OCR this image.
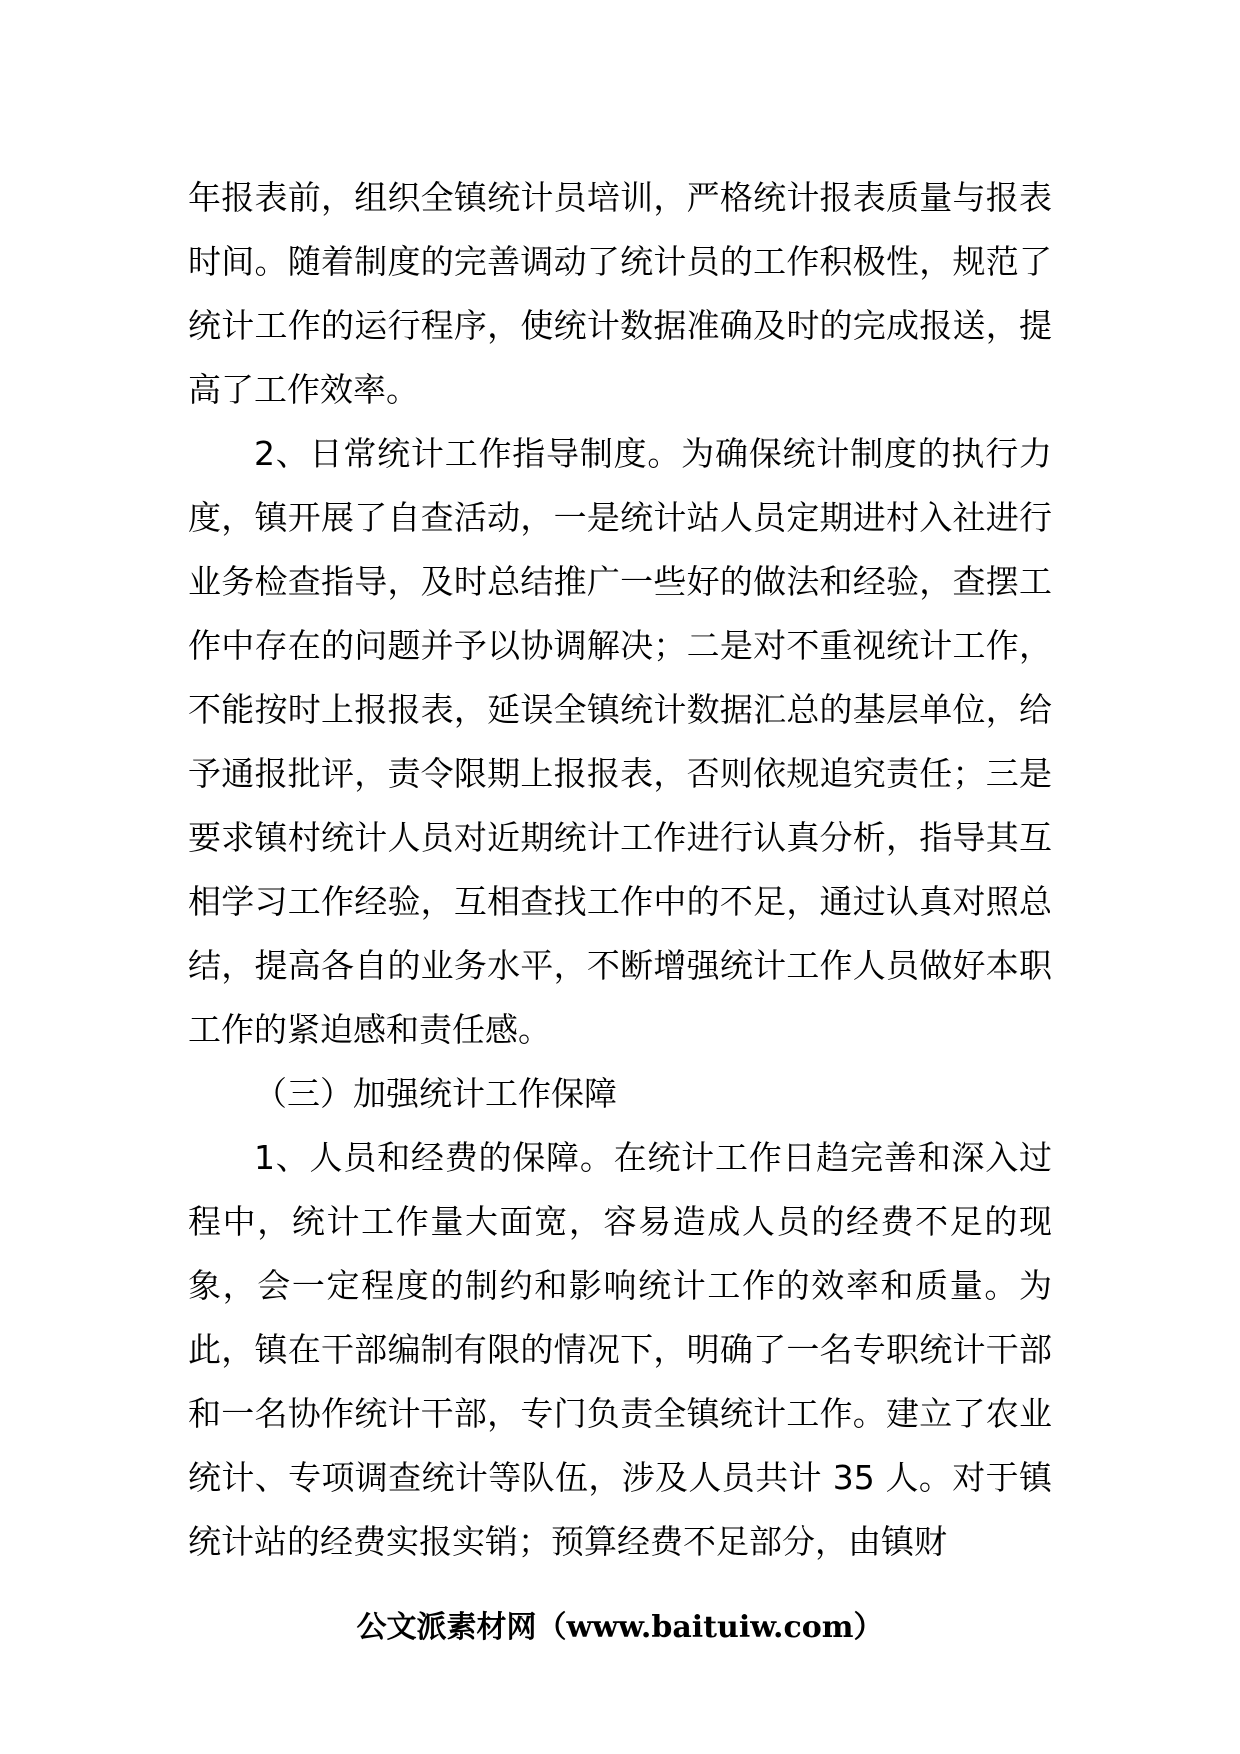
年报表前，组织全镇统计员培训，严格统计报表质量与报表时间。随着制度的完善调动了统计员的工作积极性，规范了统计工作的运行程序，使统计数据准确及时的完成报送，提高了工作效率。

2、日常统计工作指导制度。为确保统计制度的执行力度，镇开展了自查活动，一是统计站人员定期进村入社进行业务检查指导，及时总结推广一些好的做法和经验，查摆工作中存在的问题并予以协调解决；二是对不重视统计工作，不能按时上报报表，延误全镇统计数据汇总的基层单位，给予通报批评，责令限期上报报表，否则依规追究责任；三是要求镇村统计人员对近期统计工作进行认真分析，指导其互相学习工作经验，互相查找工作中的不足，通过认真对照总结，提高各自的业务水平，不断增强统计工作人员做好本职工作的紧迫感和责任感。

（三）加强统计工作保障

1、人员和经费的保障。在统计工作日趋完善和深入过程中，统计工作量大面宽，容易造成人员的经费不足的现象，会一定程度的制约和影响统计工作的效率和质量。为此，镇在干部编制有限的情况下，明确了一名专职统计干部和一名协作统计干部，专门负责全镇统计工作。建立了农业统计、专项调查统计等队伍，涉及人员共计 35 人。对于镇统计站的经费实报实销；预算经费不足部分，由镇财

公文派素材网（www.baituiw.com）
